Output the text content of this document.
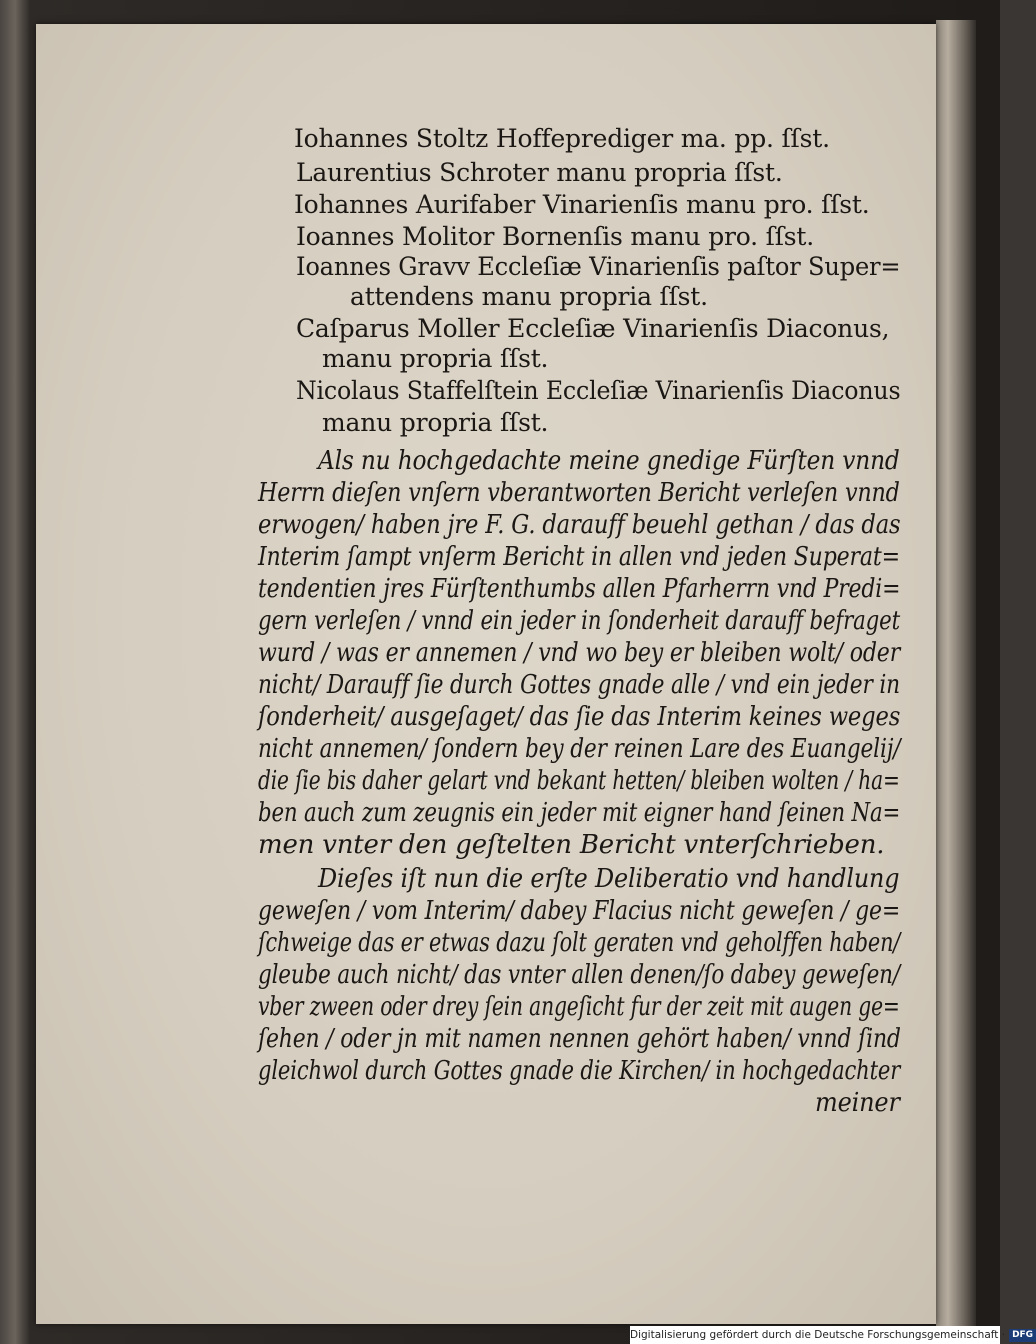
Iohannes Stoltz Hoffeprediger ma. pp. ſſst.
Laurentius Schroter manu propria ſſst.
Iohannes Aurifaber Vinarienſis manu pro. ſſst.
Ioannes Molitor Bornenſis manu pro. ſſst.
Ioannes Gravv Eccleſiæ Vinarienſis paſtor Super=
attendens manu propria ſſst.
Caſparus Moller Eccleſiæ Vinarienſis Diaconus,
manu propria ſſst.
Nicolaus Staffelſtein Eccleſiæ Vinarienſis Diaconus
manu propria ſſst.
Als nu hochgedachte meine gnedige Fürſten vnnd
Herrn dieſen vnſern vberantworten Bericht verleſen vnnd
erwogen/ haben jre F. G. darauff beuehl gethan / das das
Interim ſampt vnſerm Bericht in allen vnd jeden Superat=
tendentien jres Fürſtenthumbs allen Pfarherrn vnd Predi=
gern verleſen / vnnd ein jeder in ſonderheit darauff befraget
wurd / was er annemen / vnd wo bey er bleiben wolt/ oder
nicht/ Darauff ſie durch Gottes gnade alle / vnd ein jeder in
ſonderheit/ ausgeſaget/ das ſie das Interim keines weges
nicht annemen/ ſondern bey der reinen Lare des Euangelij/
die ſie bis daher gelart vnd bekant hetten/ bleiben wolten / ha=
ben auch zum zeugnis ein jeder mit eigner hand ſeinen Na=
men vnter den geſtelten Bericht vnterſchrieben.
Dieſes iſt nun die erſte Deliberatio vnd handlung
geweſen / vom Interim/ dabey Flacius nicht geweſen / ge=
ſchweige das er etwas dazu ſolt geraten vnd geholffen haben/
gleube auch nicht/ das vnter allen denen/ſo dabey geweſen/
vber zween oder drey ſein angeſicht fur der zeit mit augen ge=
ſehen / oder jn mit namen nennen gehört haben/ vnnd ſind
gleichwol durch Gottes gnade die Kirchen/ in hochgedachter
meiner
Digitalisierung gefördert durch die Deutsche Forschungsgemeinschaft · DFG
